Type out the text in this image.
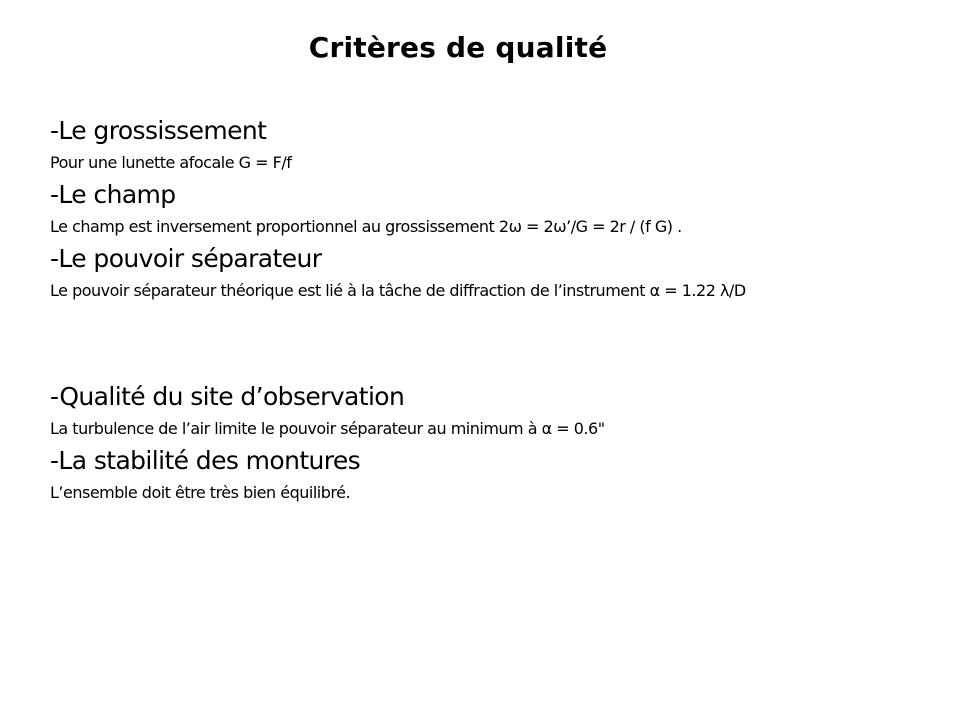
Critères de qualité
-Le grossissement
Pour une lunette afocale G = F/f
-Le champ
Le champ est inversement proportionnel au grossissement 2ω = 2ω’/G = 2r / (f G) .
-Le pouvoir séparateur
Le pouvoir séparateur théorique est lié à la tâche de diffraction de l’instrument α = 1.22 λ/D
-Qualité du site d’observation
La turbulence de l’air limite le pouvoir séparateur au minimum à α = 0.6"
-La stabilité des montures
L’ensemble doit être très bien équilibré.
